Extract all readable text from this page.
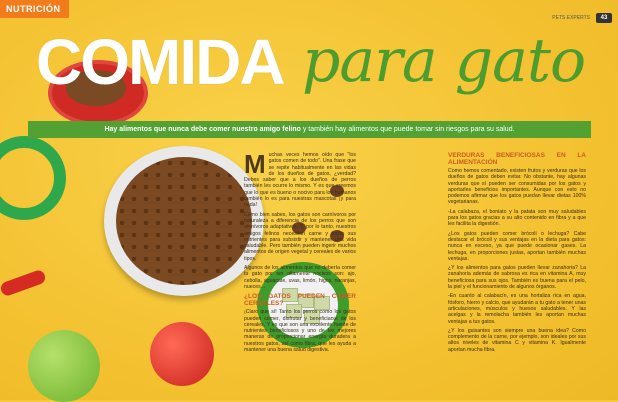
NUTRICIÓN
PETS EXPERTS	43
COMIDA para gato
Hay alimentos que nunca debe comer nuestro amigo felino y también hay alimentos que puede tomar sin riesgos para su salud.

Muchas veces hemos oído que "los gatos comen de todo". Una frase que se repite habitualmente en las vidas de los dueños de gatos, ¿verdad? Debes saber que a los dueños de perros también les ocurre lo mismo. Y es que creemos que lo que es bueno o nocivo para los humanos también lo es para nuestras mascotas ¡y para nada!

Como bien sabes, los gatos son carnívoros por naturaleza a diferencia de los perros que son omnívoros adaptativos. Y, por lo tanto, nuestros amigos felinos necesitan carne y todos sus nutrientes para subsistir y mantener una vida saludable. Pero también pueden ingerir muchos alimentos de origen vegetal y cereales de varios tipos.

Algunos de los alimentos que no debería comer tu gato por ser altamente nocivos son: ajo, cebolla, aguacate, uvas, limón, higos, naranjas, nueces...

¿LOS GATOS PUEDEN COMER CEREALES?

¡Claro que sí! Tanto los perros como los gatos pueden comer, disfrutar y beneficiarse de los cereales. Y es que son una excelente fuente de nutrientes beneficiosos y uno de los mejores maneras de proporcionar energía duradera a nuestros gatos, así como fibra, que les ayuda a mantener una buena salud digestiva.

VERDURAS BENEFICIOSAS EN LA ALIMENTACIÓN

Como hemos comentado, existen frutos y verduras que los dueños de gatos deben evitar. No obstante, hay algunas verduras que sí pueden ser consumidas por los gatos y aportarles beneficios importantes. Aunque con esto no podemos afirmar que los gatos puedan llevar dietas 100% vegetarianas.

-La calabaza, el boniato y la patata son muy saludables para los gatos gracias a su alto contenido en fibra y a que les facilita la digestión.

¿Los gatos pueden comer brócoli o lechuga? Cabe destacar el brócoli y sus ventajas en la dieta para gatos: nunca en exceso, ya que puede ocasionar gases. La lechuga, en proporciones justas, aportan también muchas ventajas.

¿Y los alimentos para gatos pueden llevar zanahoria? La zanahoria además de sabrosa es rica en vitamina A, muy beneficiosa para sus ojos. También es buena para el pelo, la piel y el funcionamiento de algunos órganos.

-En cuanto al calabacín, es una hortaliza rica en agua, fósforo, hierro y calcio, que ayudarán a tu gato a tener unas articulaciones, músculos y huesos saludables. Y las acelgas y la remolacha también les aportan muchas ventajas a tus gatos.

¿Y los guisantes son siempre una buena idea? Como complemento de la carne, por ejemplo, son ideales por sus altos niveles de vitamina C y vitamina K. Igualmente aportan mucha fibra.
